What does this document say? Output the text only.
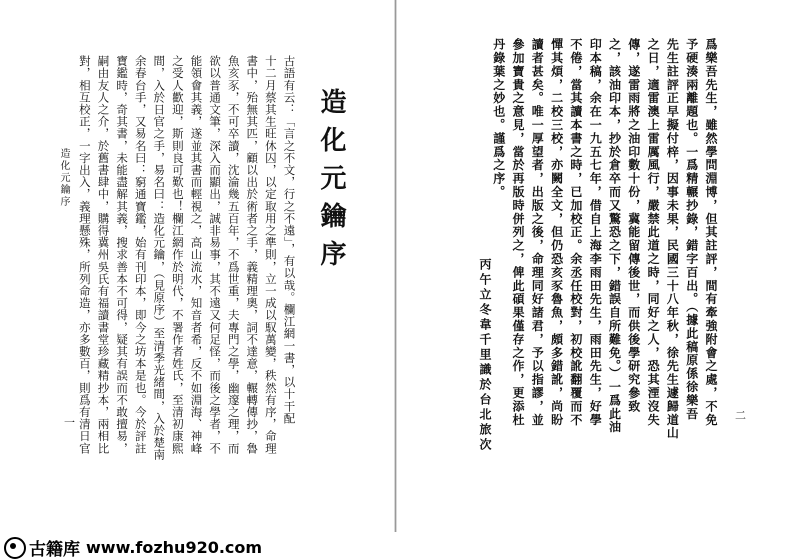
造化元鑰序
造化元鑰序
一	古語有云：「言之不文，行之不遠」，有以哉。欄江網一書，以十干配
十二月蔡其生旺休囚，以定取用之準則，立一成以馭萬變，秩然有序，命理
書中，殆無其匹，顧以出於術者之手，義精理奧，詞不達意，輾轉傳抄，魯
魚亥豕，不可卒讀，沈淪幾五百年，不爲世重，夫專門之學，幽邃之理，而
欲以普通文筆，深入而顯出，誠非易事，其不遠又何足怪，而後之學者，不
能領會其義，遂並其書而輕視之，高山流水，知音者希，反不如淵海、神峰
之受人歡迎，斯則良可歎也！欄江網作於明代，不署作者姓氏，至清初康熙
間，入於日官之手，易名曰：造化元鑰，（見原序）至清季光緒間，入於楚南
余春台手，又易名曰：窮通寶鑑，始有刊印本，即今之坊本是也。今於評註
寶鑑時，奇其書，未能盡解其義，搜求善本不可得，疑其有誤而不敢擅易，
嗣由友人之介，於舊書肆中，購得冀州吳氏有福讀書堂珍藏精抄本，兩相比
對，相互校正，一字出入，義理懸殊，所列命造，亦多數百，則爲有清日官	二
丙午立冬韋千里識於台北旅次	爲樂吾先生，雖然學問淵博，但其註評，間有牽強附會之處，不免
予硬湊兩離題也。一爲精輾抄錄，錯字百出。（據此稿原係徐樂吾
先生註評正早擬付梓，因事未果，民國三十八年秋，徐先生遽歸道山
之日，適雷澳上雷厲風行，嚴禁此道之時，同好之人，恐其湮沒失
傳，遂雷雨將之油印數十份，冀能留傳後世，而供後學研究參致
之，該油印本，抄於倉卒而又驚恐之下，錯誤自所難免。）一爲此油
印本稿，余在一九五七年，借自上海李雨田先生，雨田先生，好學
不倦，當其讀本書之時，已加校正。余丞任校對，初校訛翻覆而不
憚其煩，二校三校，亦闕全文，但仍恐亥豕魯魚，頗多錯訛，尚盼
讀者甚矣。唯一厚望者，出版之後，命理同好諸君，予以指謬，並
參加寶貴之意見，當於再版時併列之，俾此碩果僅存之作，更添杜
丹錄葉之妙也。謹爲之序。
古籍库 www.fozhu920.com
